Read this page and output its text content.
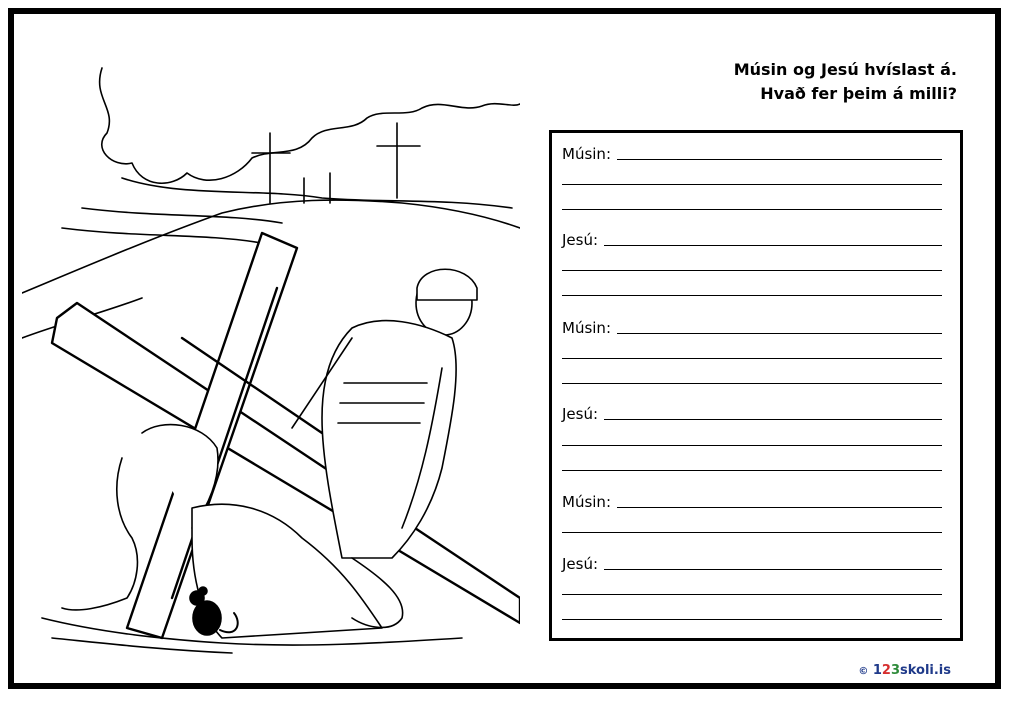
Músin og Jesú hvíslast á.
Hvað fer þeim á milli?
Músin:
Jesú:
Músin:
Jesú:
Músin:
Jesú:
© 123skoli.is
